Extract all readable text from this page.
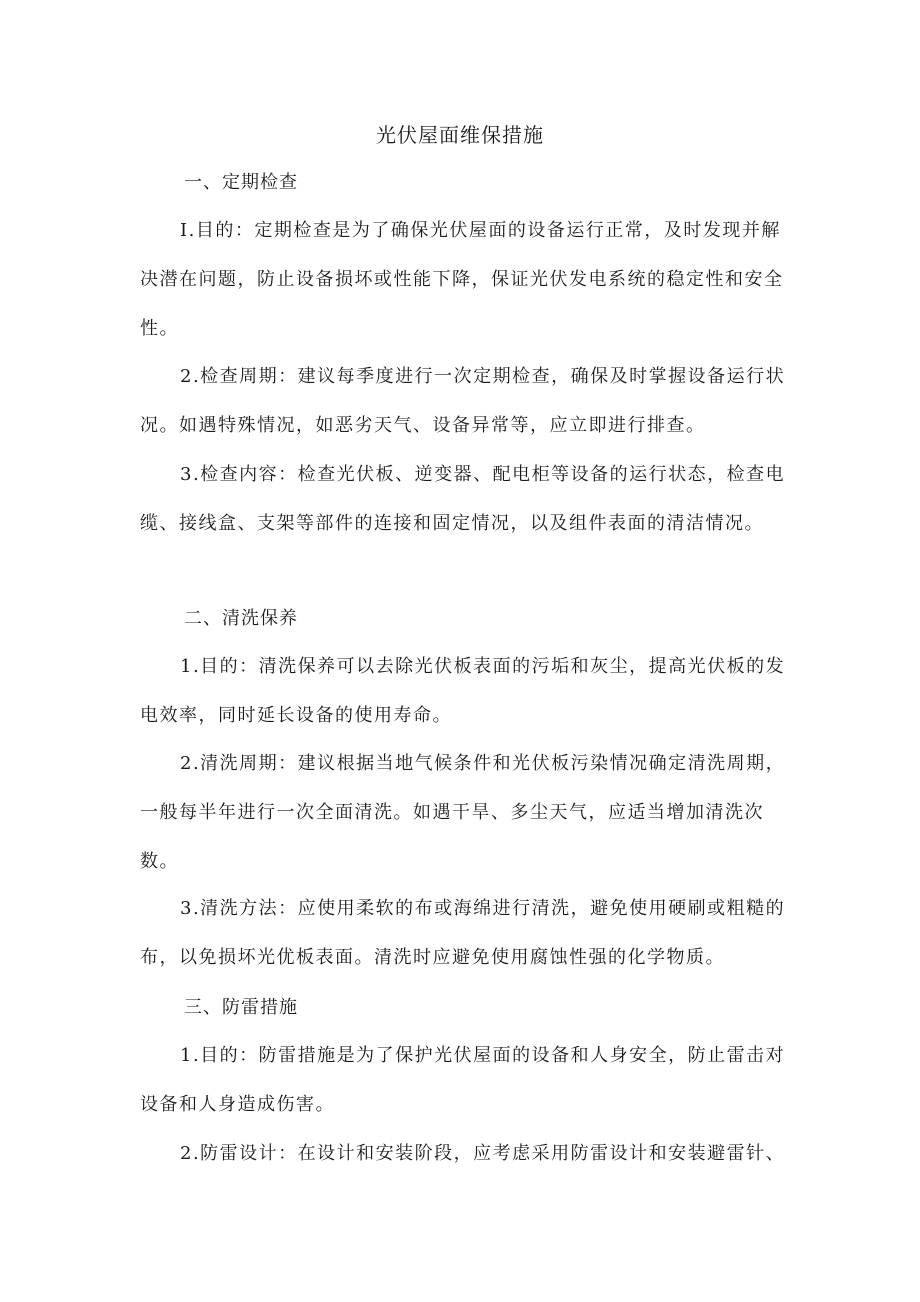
光伏屋面维保措施
一、定期检查

I.目的：定期检查是为了确保光伏屋面的设备运行正常，及时发现并解决潜在问题，防止设备损坏或性能下降，保证光伏发电系统的稳定性和安全性。

2.检查周期：建议每季度进行一次定期检查，确保及时掌握设备运行状况。如遇特殊情况，如恶劣天气、设备异常等，应立即进行排查。

3.检查内容：检查光伏板、逆变器、配电柜等设备的运行状态，检查电缆、接线盒、支架等部件的连接和固定情况，以及组件表面的清洁情况。

二、清洗保养

1.目的：清洗保养可以去除光伏板表面的污垢和灰尘，提高光伏板的发电效率，同时延长设备的使用寿命。

2.清洗周期：建议根据当地气候条件和光伏板污染情况确定清洗周期，一般每半年进行一次全面清洗。如遇干旱、多尘天气，应适当增加清洗次数。

3.清洗方法：应使用柔软的布或海绵进行清洗，避免使用硬刷或粗糙的布，以免损坏光优板表面。清洗时应避免使用腐蚀性强的化学物质。

三、防雷措施

1.目的：防雷措施是为了保护光伏屋面的设备和人身安全，防止雷击对设备和人身造成伤害。

2.防雷设计：在设计和安装阶段，应考虑采用防雷设计和安装避雷针、
